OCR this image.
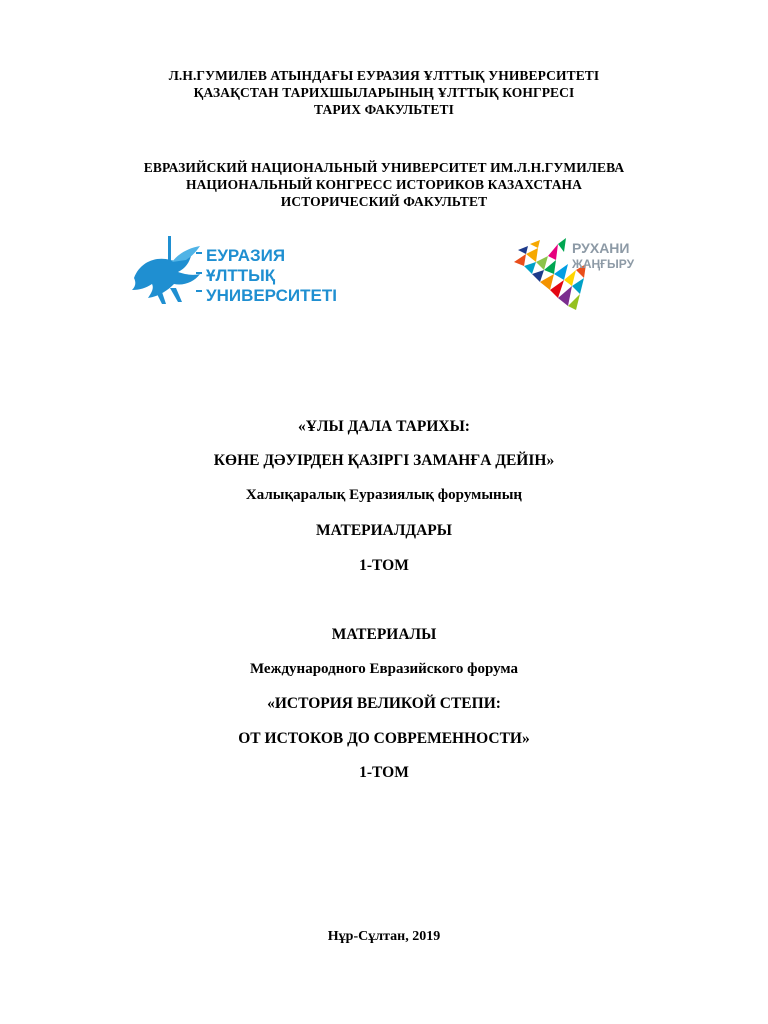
Л.Н.ГУМИЛЕВ АТЫНДАҒЫ ЕУРАЗИЯ ҰЛТТЫҚ УНИВЕРСИТЕТІ
ҚАЗАҚСТАН ТАРИХШЫЛАРЫНЫҢ ҰЛТТЫҚ КОНГРЕСІ
ТАРИХ ФАКУЛЬТЕТІ
ЕВРАЗИЙСКИЙ НАЦИОНАЛЬНЫЙ УНИВЕРСИТЕТ ИМ.Л.Н.ГУМИЛЕВА
НАЦИОНАЛЬНЫЙ КОНГРЕСС ИСТОРИКОВ КАЗАХСТАНА
ИСТОРИЧЕСКИЙ ФАКУЛЬТЕТ
ЕУРАЗИЯ
ҰЛТТЫҚ
УНИВЕРСИТЕТІ
РУХАНИ
ЖАҢҒЫРУ
«ҰЛЫ ДАЛА ТАРИХЫ:
КӨНЕ ДӘУІРДЕН ҚАЗІРГІ ЗАМАНҒА ДЕЙІН»
Халықаралық Еуразиялық форумының
МАТЕРИАЛДАРЫ
1-ТОМ
МАТЕРИАЛЫ
Международного Евразийского форума
«ИСТОРИЯ ВЕЛИКОЙ СТЕПИ:
ОТ ИСТОКОВ ДО СОВРЕМЕННОСТИ»
1-ТОМ
Нұр-Сұлтан, 2019
